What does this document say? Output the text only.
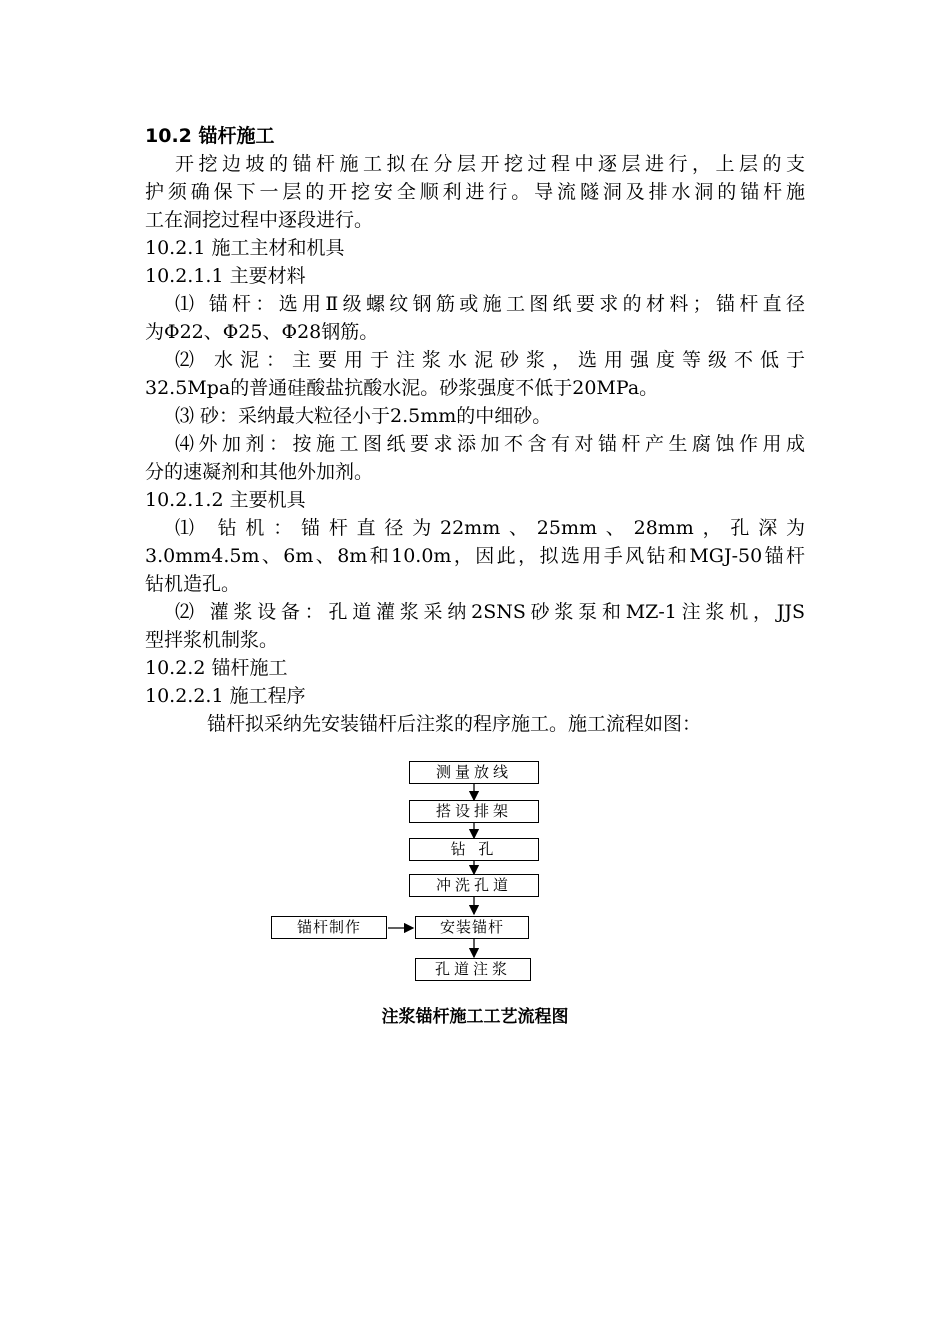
10.2 锚杆施工
开挖边坡的锚杆施工拟在分层开挖过程中逐层进行，上层的支
护须确保下一层的开挖安全顺利进行。导流隧洞及排水洞的锚杆施
工在洞挖过程中逐段进行。
10.2.1 施工主材和机具
10.2.1.1 主要材料
⑴ 锚杆：选用Ⅱ级螺纹钢筋或施工图纸要求的材料；锚杆直径
为Φ22、Φ25、Φ28钢筋。
⑵ 水泥：主要用于注浆水泥砂浆，选用强度等级不低于
32.5Mpa的普通硅酸盐抗酸水泥。砂浆强度不低于20MPa。
⑶ 砂：采纳最大粒径小于2.5mm的中细砂。
⑷外加剂：按施工图纸要求添加不含有对锚杆产生腐蚀作用成
分的速凝剂和其他外加剂。
10.2.1.2 主要机具
⑴ 钻机：锚杆直径为22mm、25mm、28mm，孔深为
3.0mm4.5m、6m、8m和10.0m，因此，拟选用手风钻和MGJ-50锚杆
钻机造孔。
⑵ 灌浆设备：孔道灌浆采纳2SNS砂浆泵和MZ-1注浆机，JJS
型拌浆机制浆。
10.2.2 锚杆施工
10.2.2.1 施工程序
锚杆拟采纳先安装锚杆后注浆的程序施工。施工流程如图：
测量放线
搭设排架
钻 孔
冲洗孔道
安装锚杆
孔道注浆
锚杆制作
注浆锚杆施工工艺流程图
